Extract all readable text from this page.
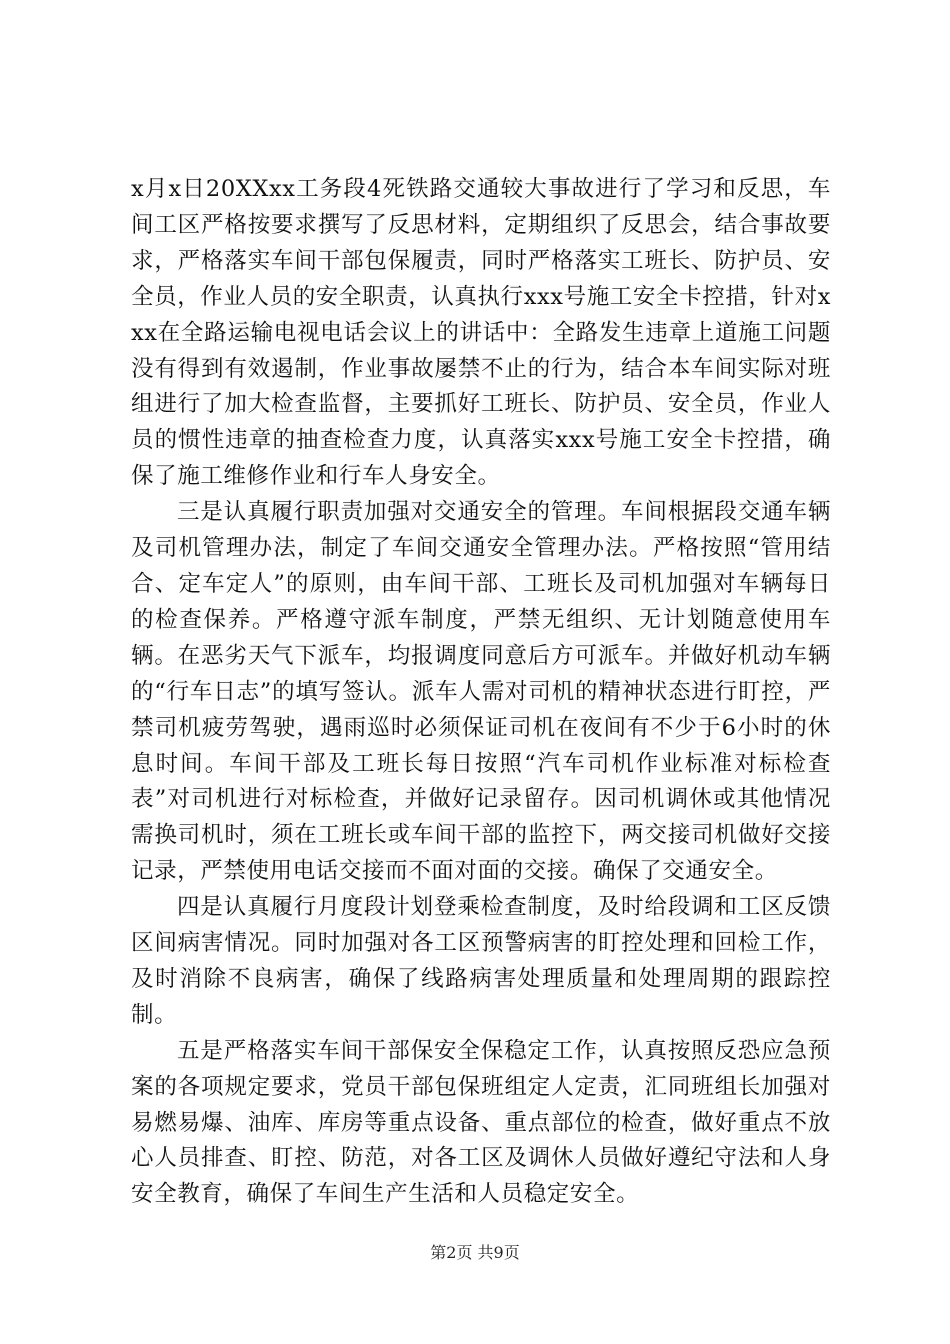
x月x日20XXxx工务段4死铁路交通较大事故进行了学习和反思，车间工区严格按要求撰写了反思材料，定期组织了反思会，结合事故要求，严格落实车间干部包保履责，同时严格落实工班长、防护员、安全员，作业人员的安全职责，认真执行xxx号施工安全卡控措，针对xxx在全路运输电视电话会议上的讲话中：全路发生违章上道施工问题没有得到有效遏制，作业事故屡禁不止的行为，结合本车间实际对班组进行了加大检查监督，主要抓好工班长、防护员、安全员，作业人员的惯性违章的抽查检查力度，认真落实xxx号施工安全卡控措，确保了施工维修作业和行车人身安全。

三是认真履行职责加强对交通安全的管理。车间根据段交通车辆及司机管理办法，制定了车间交通安全管理办法。严格按照“管用结合、定车定人”的原则，由车间干部、工班长及司机加强对车辆每日的检查保养。严格遵守派车制度，严禁无组织、无计划随意使用车辆。在恶劣天气下派车，均报调度同意后方可派车。并做好机动车辆的“行车日志”的填写签认。派车人需对司机的精神状态进行盯控，严禁司机疲劳驾驶，遇雨巡时必须保证司机在夜间有不少于6小时的休息时间。车间干部及工班长每日按照“汽车司机作业标准对标检查表”对司机进行对标检查，并做好记录留存。因司机调休或其他情况需换司机时，须在工班长或车间干部的监控下，两交接司机做好交接记录，严禁使用电话交接而不面对面的交接。确保了交通安全。

四是认真履行月度段计划登乘检查制度，及时给段调和工区反馈区间病害情况。同时加强对各工区预警病害的盯控处理和回检工作，及时消除不良病害，确保了线路病害处理质量和处理周期的跟踪控制。

五是严格落实车间干部保安全保稳定工作，认真按照反恐应急预案的各项规定要求，党员干部包保班组定人定责，汇同班组长加强对易燃易爆、油库、库房等重点设备、重点部位的检查，做好重点不放心人员排查、盯控、防范，对各工区及调休人员做好遵纪守法和人身安全教育，确保了车间生产生活和人员稳定安全。

第2页 共9页
